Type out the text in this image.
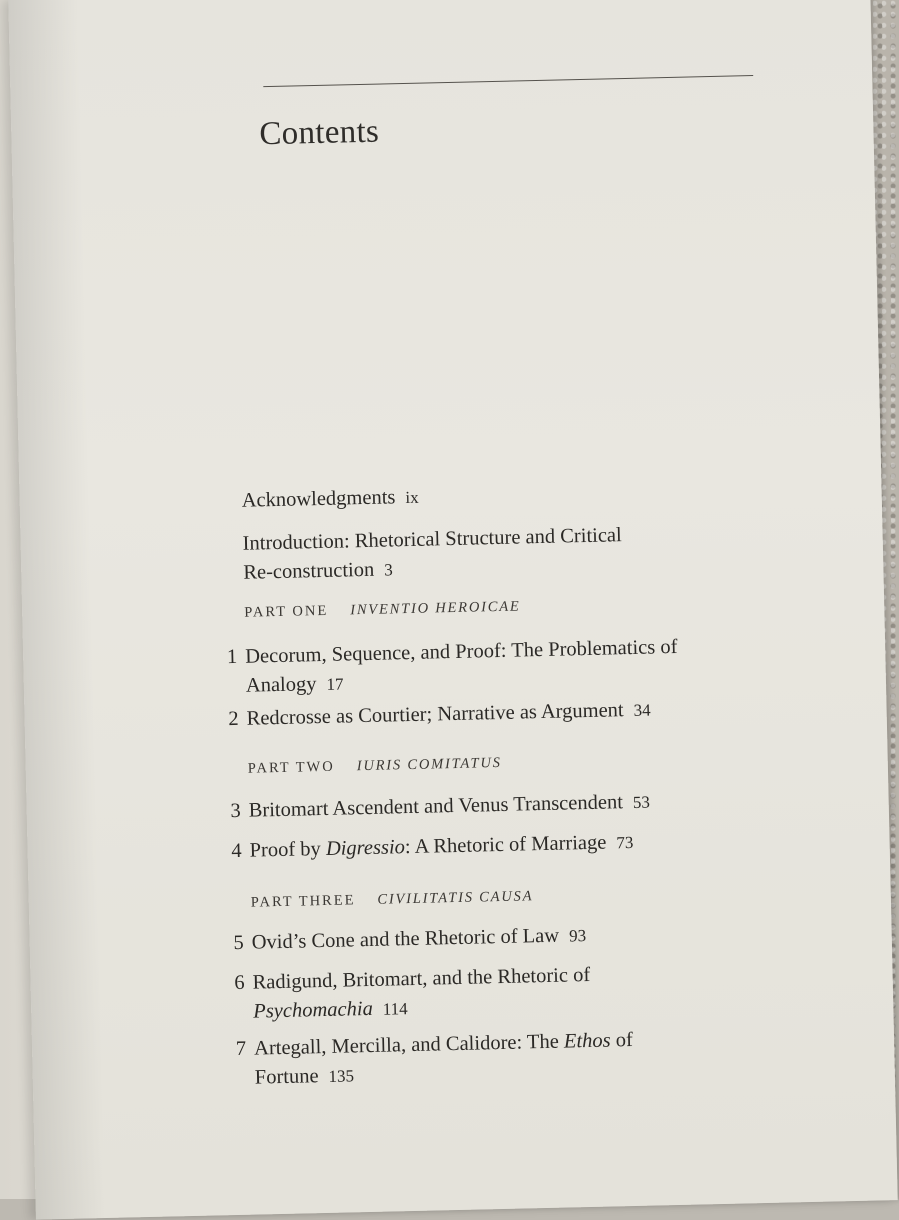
Contents
Acknowledgments ix
Introduction: Rhetorical Structure and Critical
Re-construction 3
PART ONE INVENTIO HEROICAE
1 Decorum, Sequence, and Proof: The Problematics of
Analogy 17
2 Redcrosse as Courtier; Narrative as Argument 34
PART TWO IURIS COMITATUS
3 Britomart Ascendent and Venus Transcendent 53
4 Proof by Digressio: A Rhetoric of Marriage 73
PART THREE CIVILITATIS CAUSA
5 Ovid’s Cone and the Rhetoric of Law 93
6 Radigund, Britomart, and the Rhetoric of
Psychomachia 114
7 Artegall, Mercilla, and Calidore: The Ethos of
Fortune 135
